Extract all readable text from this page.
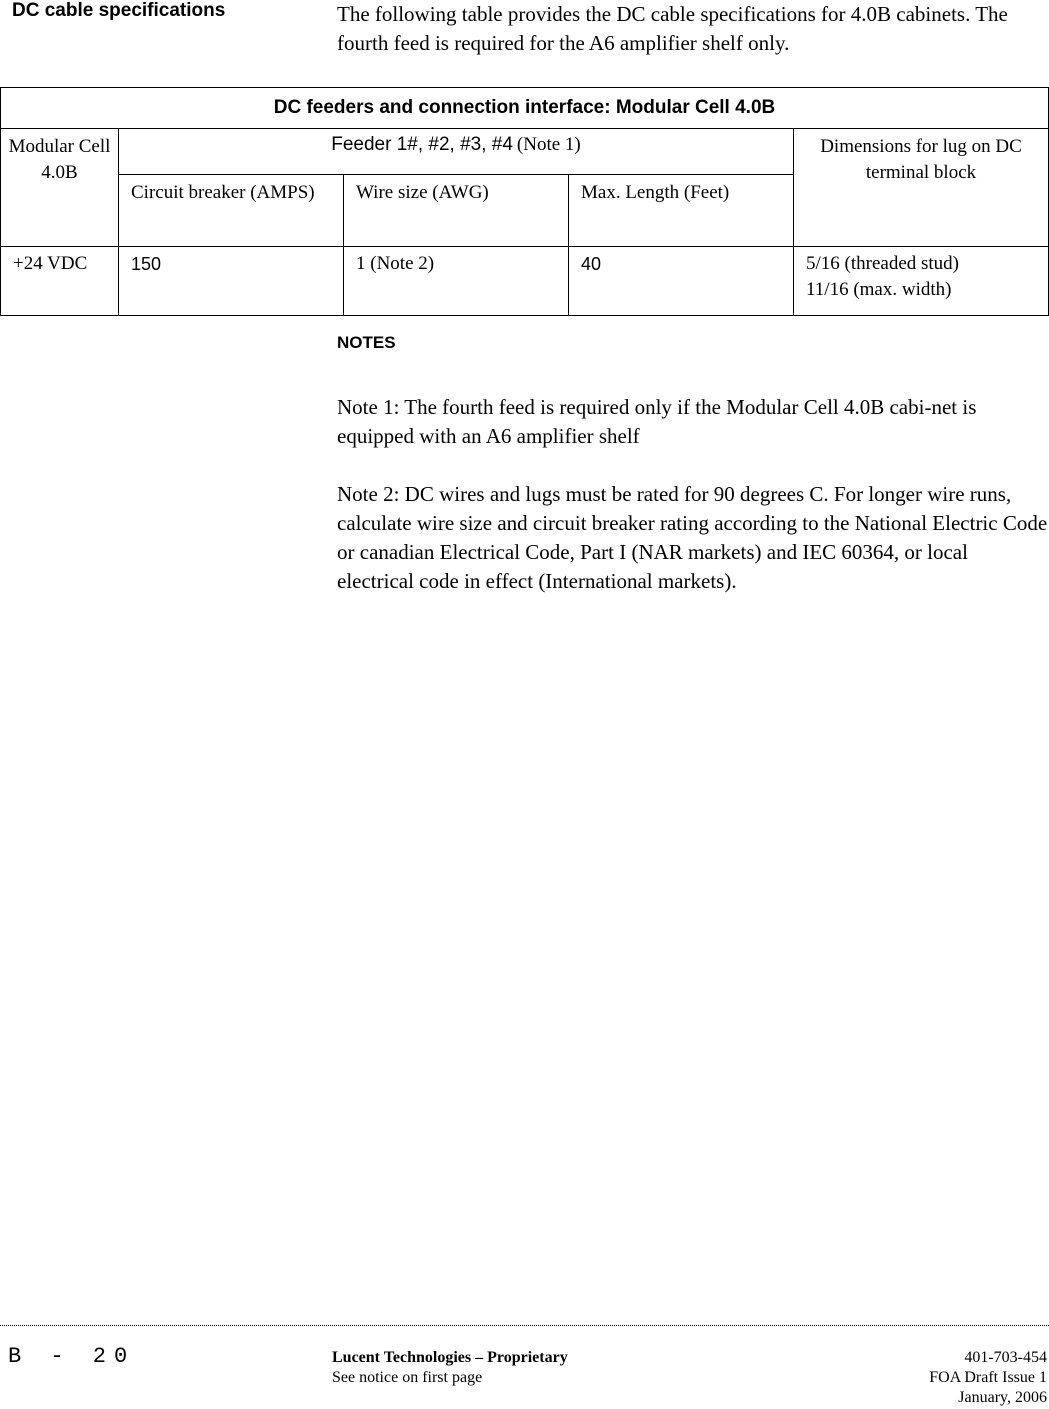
DC cable specifications	The following table provides the DC cable specifications for 4.0B cabinets. The fourth feed is required for the A6 amplifier shelf only.
DC feeders and connection interface: Modular Cell 4.0B				
Modular Cell 4.0B	Feeder 1#, #2, #3, #4 (Note 1)			Dimensions for lug on DC terminal block
	Circuit breaker (AMPS)	Wire size (AWG)	Max. Length (Feet)	
+24 VDC	150	1 (Note 2)	40	5/16 (threaded stud)
11/16 (max. width)
NOTES
Note 1: The fourth feed is required only if the Modular Cell 4.0B cabi-net is equipped with an A6 amplifier shelf
Note 2: DC wires and lugs must be rated for 90 degrees C. For longer wire runs, calculate wire size and circuit breaker rating according to the National Electric Code or canadian Electrical Code, Part I (NAR markets) and IEC 60364, or local electrical code in effect (International markets).
B - 20	Lucent Technologies – Proprietary
See notice on first page
401-703-454
FOA Draft Issue 1
January, 2006
